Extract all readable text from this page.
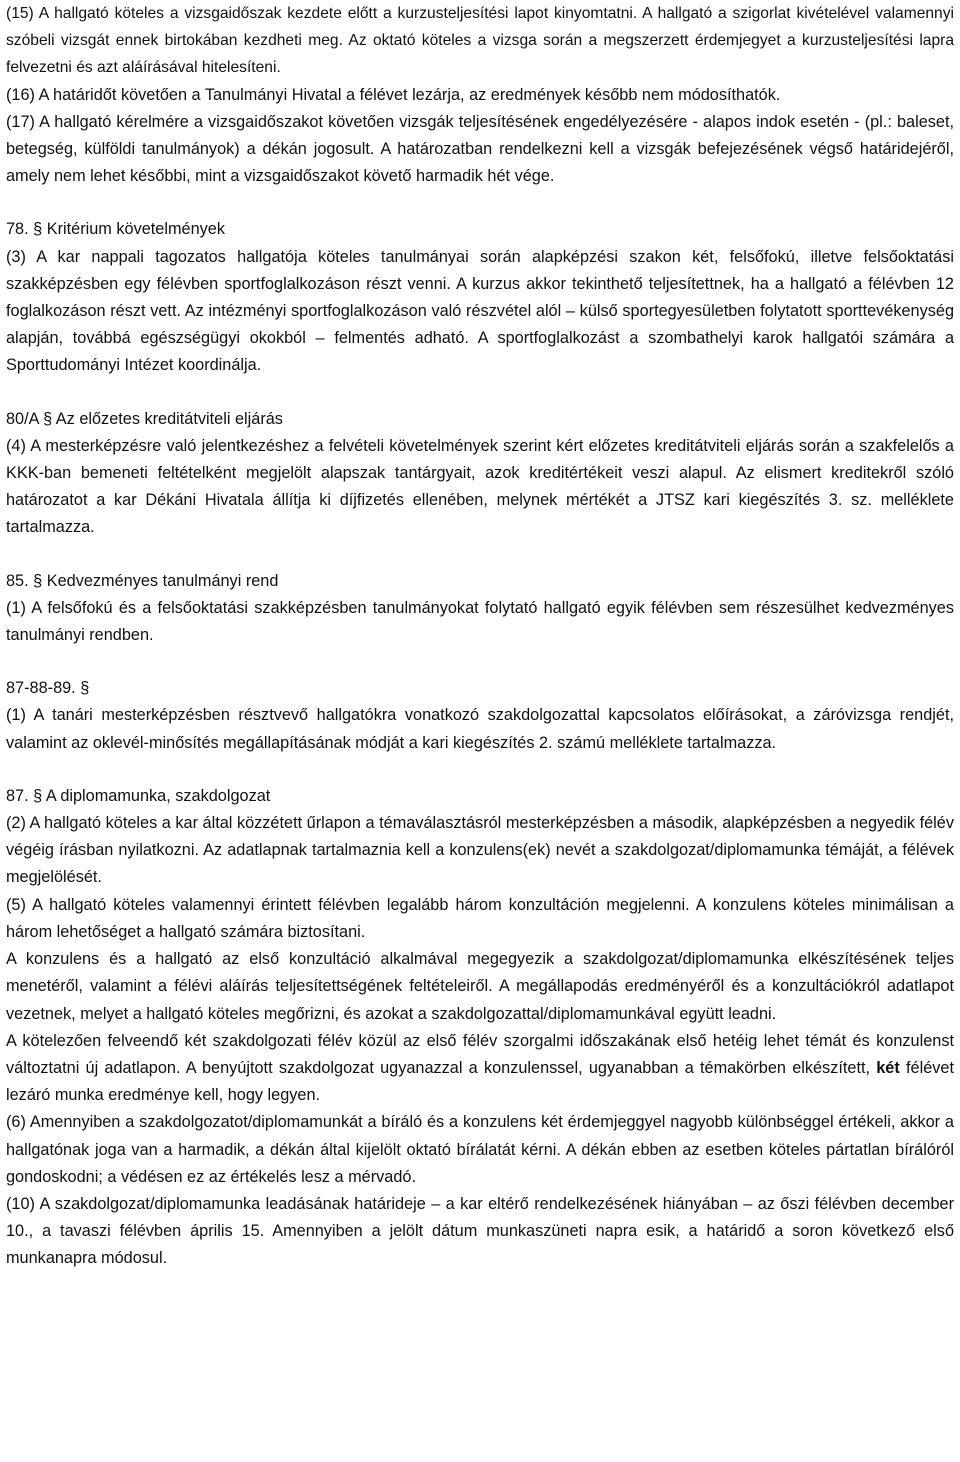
(15) A hallgató köteles a vizsgaidőszak kezdete előtt a kurzusteljesítési lapot kinyomtatni. A hallgató a szigorlat kivételével valamennyi szóbeli vizsgát ennek birtokában kezdheti meg. Az oktató köteles a vizsga során a megszerzett érdemjegyet a kurzusteljesítési lapra felvezetni és azt aláírásával hitelesíteni.

(16) A határidőt követően a Tanulmányi Hivatal a félévet lezárja, az eredmények később nem módosíthatók.

(17) A hallgató kérelmére a vizsgaidőszakot követően vizsgák teljesítésének engedélyezésére - alapos indok esetén - (pl.: baleset, betegség, külföldi tanulmányok) a dékán jogosult. A határozatban rendelkezni kell a vizsgák befejezésének végső határidejéről, amely nem lehet későbbi, mint a vizsgaidőszakot követő harmadik hét vége.

78. § Kritérium követelmények

(3) A kar nappali tagozatos hallgatója köteles tanulmányai során alapképzési szakon két, felsőfokú, illetve felsőoktatási szakképzésben egy félévben sportfoglalkozáson részt venni. A kurzus akkor tekinthető teljesítettnek, ha a hallgató a félévben 12 foglalkozáson részt vett. Az intézményi sportfoglalkozáson való részvétel alól – külső sportegyesületben folytatott sporttevékenység alapján, továbbá egészségügyi okokból – felmentés adható. A sportfoglalkozást a szombathelyi karok hallgatói számára a Sporttudományi Intézet koordinálja.

80/A § Az előzetes kreditátviteli eljárás

(4) A mesterképzésre való jelentkezéshez a felvételi követelmények szerint kért előzetes kreditátviteli eljárás során a szakfelelős a KKK-ban bemeneti feltételként megjelölt alapszak tantárgyait, azok kreditértékeit veszi alapul. Az elismert kreditekről szóló határozatot a kar Dékáni Hivatala állítja ki díjfizetés ellenében, melynek mértékét a JTSZ kari kiegészítés 3. sz. melléklete tartalmazza.

85. § Kedvezményes tanulmányi rend

(1) A felsőfokú és a felsőoktatási szakképzésben tanulmányokat folytató hallgató egyik félévben sem részesülhet kedvezményes tanulmányi rendben.

87-88-89. §

(1) A tanári mesterképzésben résztvevő hallgatókra vonatkozó szakdolgozattal kapcsolatos előírásokat, a záróvizsga rendjét, valamint az oklevél-minősítés megállapításának módját a kari kiegészítés 2. számú melléklete tartalmazza.

87. § A diplomamunka, szakdolgozat

(2) A hallgató köteles a kar által közzétett űrlapon a témaválasztásról mesterképzésben a második, alapképzésben a negyedik félév végéig írásban nyilatkozni. Az adatlapnak tartalmaznia kell a konzulens(ek) nevét a szakdolgozat/diplomamunka témáját, a félévek megjelölését.

(5) A hallgató köteles valamennyi érintett félévben legalább három konzultáción megjelenni. A konzulens köteles minimálisan a három lehetőséget a hallgató számára biztosítani.

A konzulens és a hallgató az első konzultáció alkalmával megegyezik a szakdolgozat/diplomamunka elkészítésének teljes menetéről, valamint a félévi aláírás teljesítettségének feltételeiről. A megállapodás eredményéről és a konzultációkról adatlapot vezetnek, melyet a hallgató köteles megőrizni, és azokat a szakdolgozattal/diplomamunkával együtt leadni.

A kötelezően felveendő két szakdolgozati félév közül az első félév szorgalmi időszakának első hetéig lehet témát és konzulenst változtatni új adatlapon. A benyújtott szakdolgozat ugyanazzal a konzulenssel, ugyanabban a témakörben elkészített, két félévet lezáró munka eredménye kell, hogy legyen.

(6) Amennyiben a szakdolgozatot/diplomamunkát a bíráló és a konzulens két érdemjeggyel nagyobb különbséggel értékeli, akkor a hallgatónak joga van a harmadik, a dékán által kijelölt oktató bírálatát kérni. A dékán ebben az esetben köteles pártatlan bírálóról gondoskodni; a védésen ez az értékelés lesz a mérvadó.

(10) A szakdolgozat/diplomamunka leadásának határideje – a kar eltérő rendelkezésének hiányában – az őszi félévben december 10., a tavaszi félévben április 15. Amennyiben a jelölt dátum munkaszüneti napra esik, a határidő a soron következő első munkanapra módosul.
